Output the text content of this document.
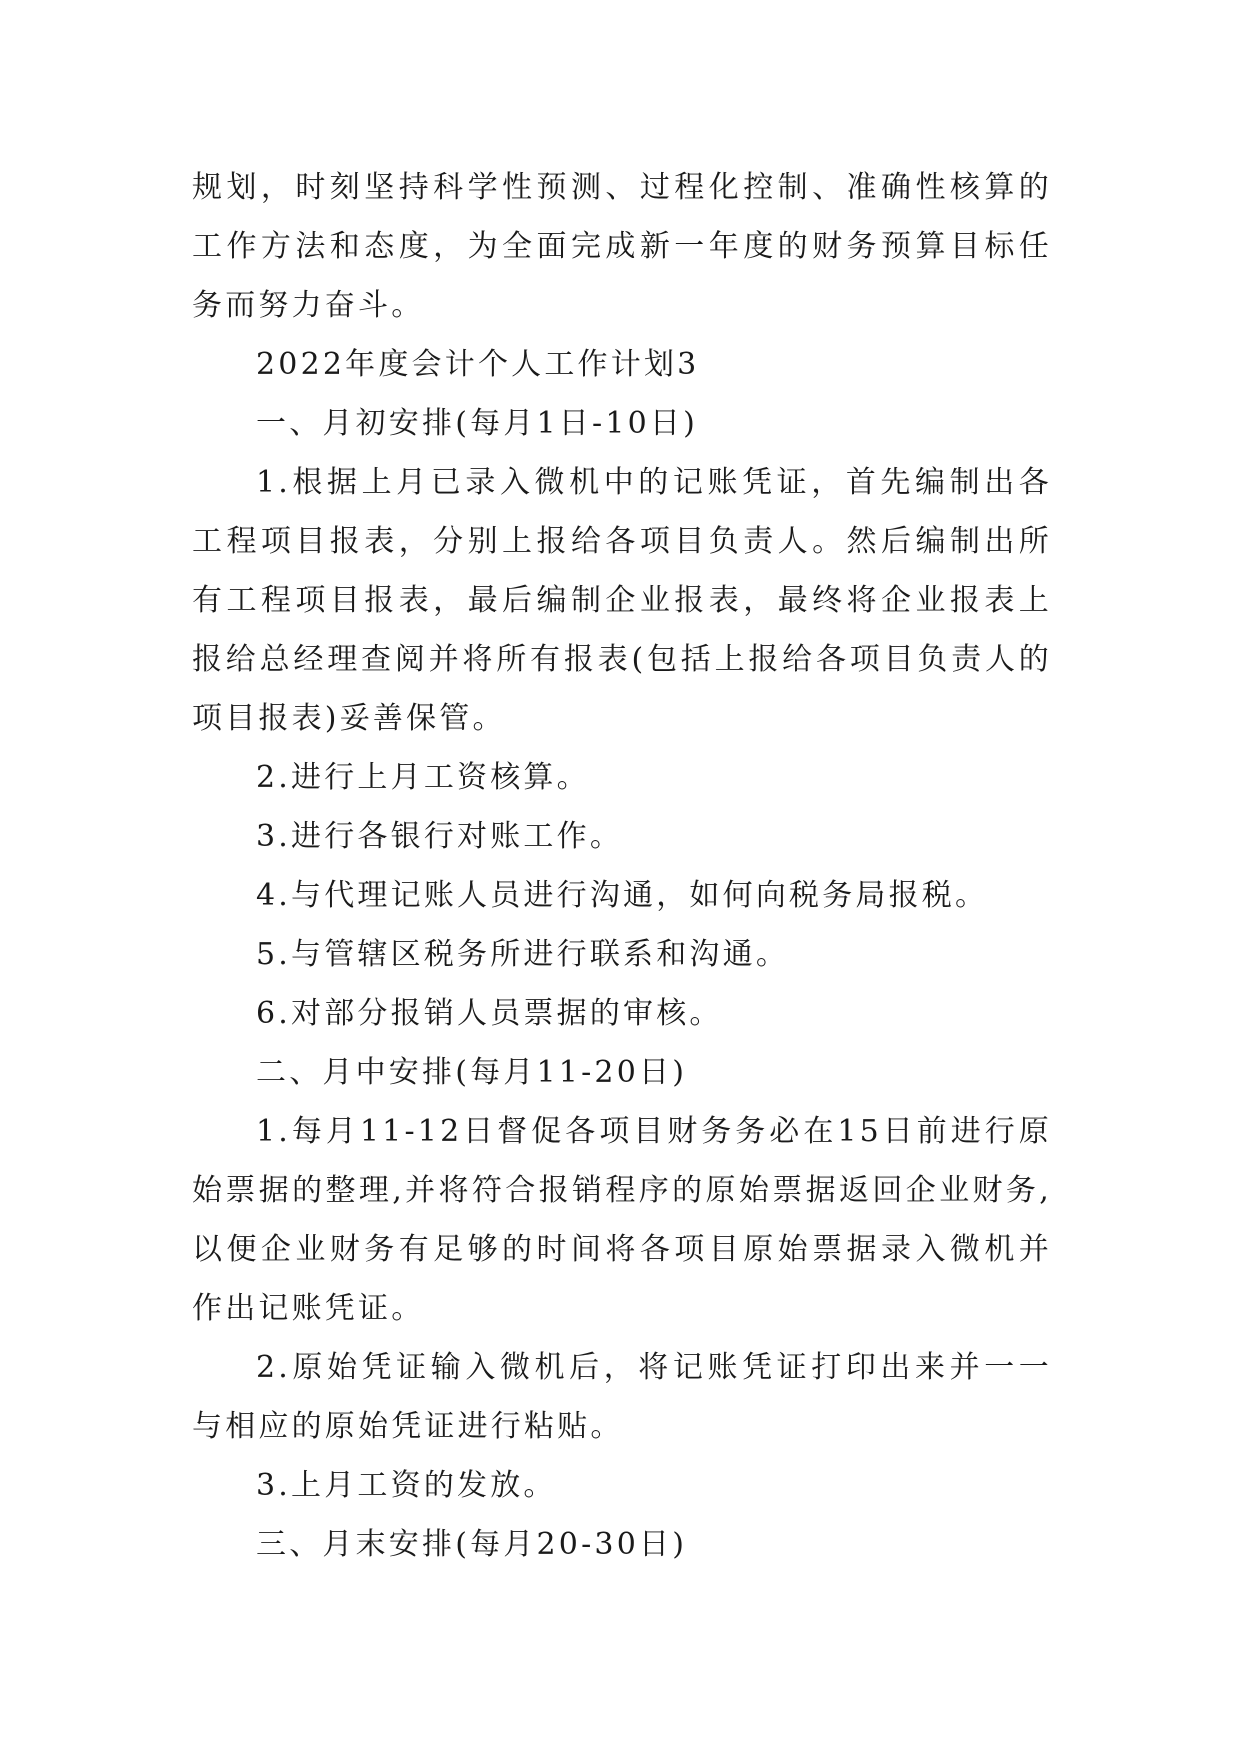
规划，时刻坚持科学性预测、过程化控制、准确性核算的工作方法和态度，为全面完成新一年度的财务预算目标任务而努力奋斗。

2022年度会计个人工作计划3

一、月初安排(每月1日-10日)

1.根据上月已录入微机中的记账凭证，首先编制出各工程项目报表，分别上报给各项目负责人。然后编制出所有工程项目报表，最后编制企业报表，最终将企业报表上报给总经理查阅并将所有报表(包括上报给各项目负责人的项目报表)妥善保管。

2.进行上月工资核算。

3.进行各银行对账工作。

4.与代理记账人员进行沟通，如何向税务局报税。

5.与管辖区税务所进行联系和沟通。

6.对部分报销人员票据的审核。

二、月中安排(每月11-20日)

1.每月11-12日督促各项目财务务必在15日前进行原始票据的整理,并将符合报销程序的原始票据返回企业财务,以便企业财务有足够的时间将各项目原始票据录入微机并作出记账凭证。

2.原始凭证输入微机后，将记账凭证打印出来并一一与相应的原始凭证进行粘贴。

3.上月工资的发放。

三、月末安排(每月20-30日)
